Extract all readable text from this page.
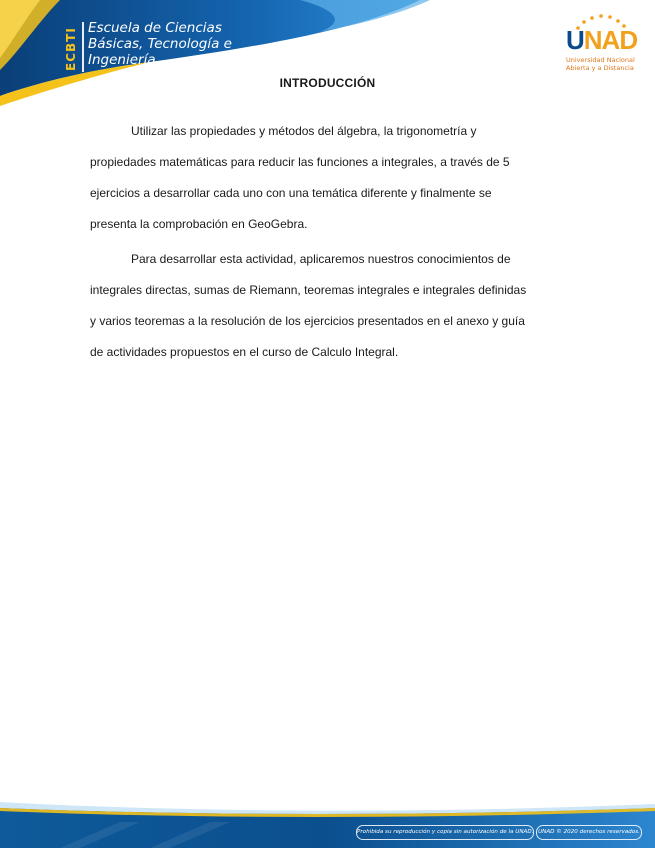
ECBTI Escuela de Ciencias
Básicas, Tecnología e
Ingeniería
UNAD
Universidad Nacional
Abierta y a Distancia
INTRODUCCIÓN
Utilizar las propiedades y métodos del álgebra, la trigonometría y
propiedades matemáticas para reducir las funciones a integrales, a través de 5
ejercicios a desarrollar cada uno con una temática diferente y finalmente se
presenta la comprobación en GeoGebra.
Para desarrollar esta actividad, aplicaremos nuestros conocimientos de
integrales directas, sumas de Riemann, teoremas integrales e integrales definidas
y varios teoremas a la resolución de los ejercicios presentados en el anexo y guía
de actividades propuestos en el curso de Calculo Integral.
Prohibida su reproducción y copia sin autorización de la UNAD. UNAD © 2020 derechos reservados.
